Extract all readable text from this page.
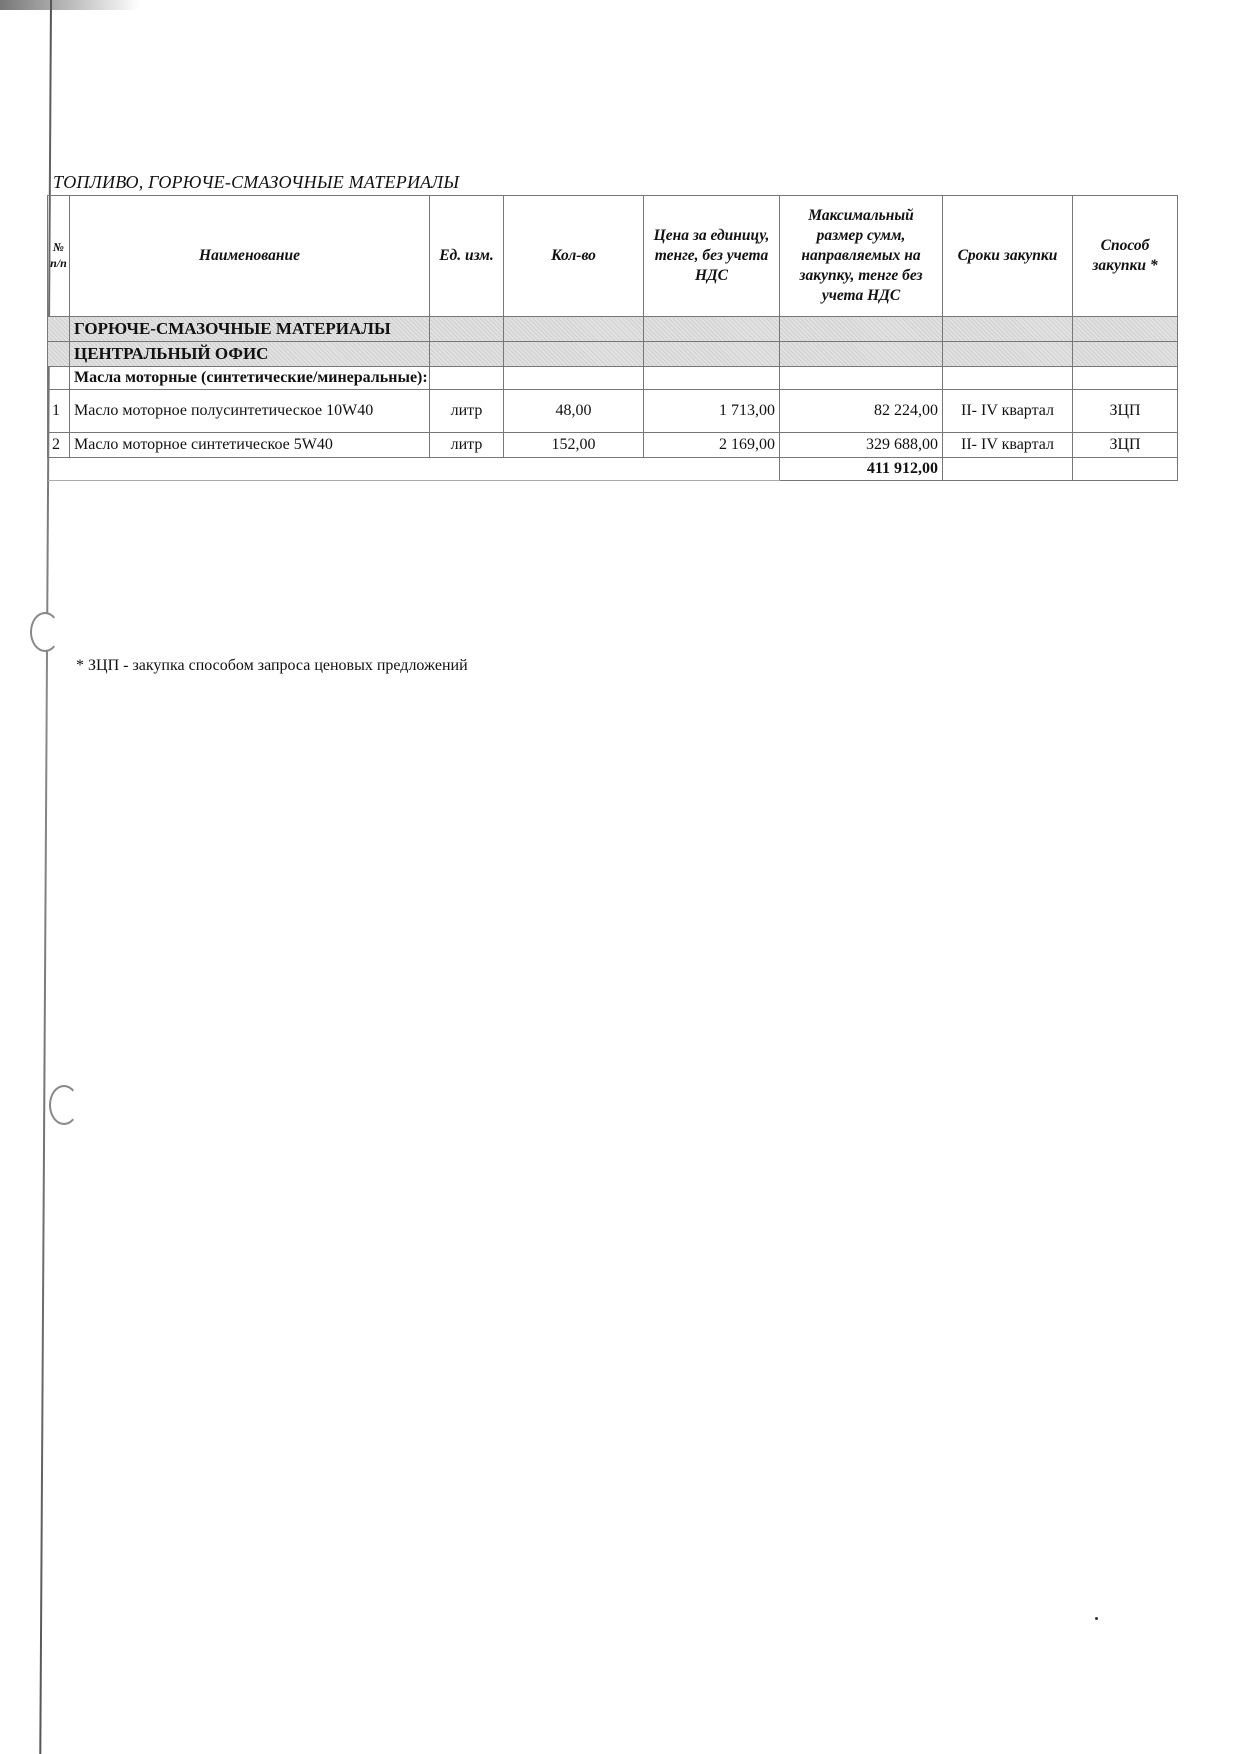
ТОПЛИВО, ГОРЮЧЕ-СМАЗОЧНЫЕ МАТЕРИАЛЫ
№ п/п	Наименование	Ед. изм.	Кол-во	Цена за единицу, тенге, без учета НДС	Максимальный размер сумм, направляемых на закупку, тенге без учета НДС	Сроки закупки	Способ закупки *
	ГОРЮЧЕ-СМАЗОЧНЫЕ МАТЕРИАЛЫ						
	ЦЕНТРАЛЬНЫЙ ОФИС						
	Масла моторные (синтетические/минеральные):						
1	Масло моторное полусинтетическое 10W40	литр	48,00	1 713,00	82 224,00	II- IV квартал	ЗЦП
2	Масло моторное синтетическое 5W40	литр	152,00	2 169,00	329 688,00	II- IV квартал	ЗЦП
					411 912,00		
* ЗЦП - закупка способом запроса ценовых предложений
